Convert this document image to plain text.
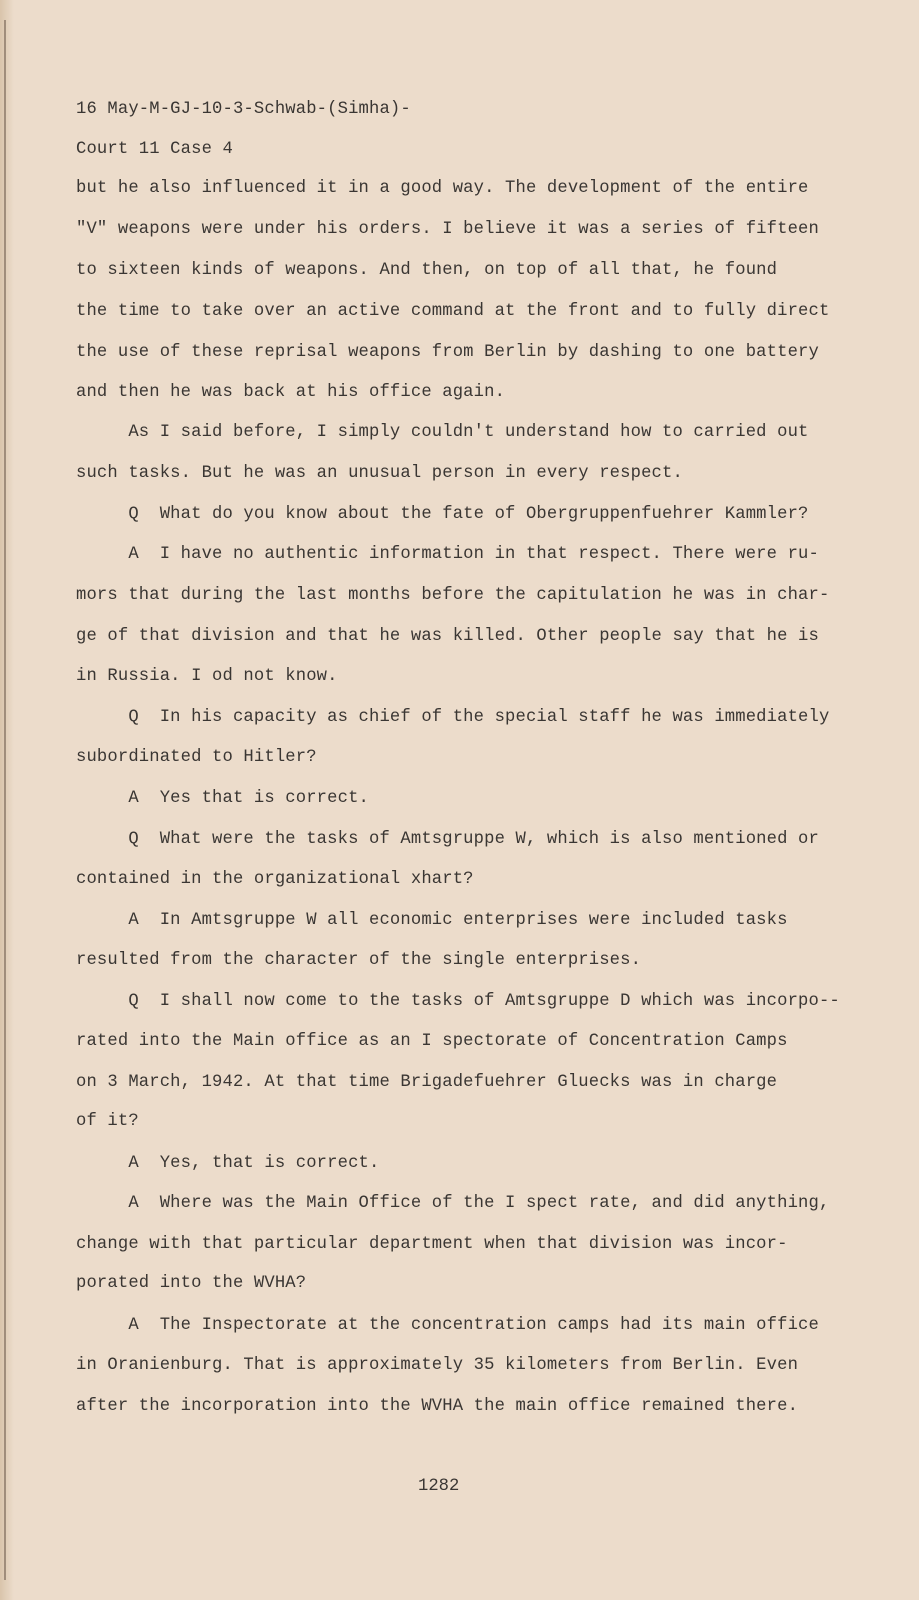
16 May-M-GJ-10-3-Schwab-(Simha)-
Court 11 Case 4
but he also influenced it in a good way. The development of the entire
"V" weapons were under his orders. I believe it was a series of fifteen
to sixteen kinds of weapons. And then, on top of all that, he found
the time to take over an active command at the front and to fully direct
the use of these reprisal weapons from Berlin by dashing to one battery
and then he was back at his office again.
As I said before, I simply couldn't understand how to carried out
such tasks. But he was an unusual person in every respect.
Q  What do you know about the fate of Obergruppenfuehrer Kammler?
A  I have no authentic information in that respect. There were ru-
mors that during the last months before the capitulation he was in char-
ge of that division and that he was killed. Other people say that he is
in Russia. I od not know.
Q  In his capacity as chief of the special staff he was immediately
subordinated to Hitler?
A  Yes that is correct.
Q  What were the tasks of Amtsgruppe W, which is also mentioned or
contained in the organizational xhart?
A  In Amtsgruppe W all economic enterprises were included tasks
resulted from the character of the single enterprises.
Q  I shall now come to the tasks of Amtsgruppe D which was incorpo--
rated into the Main office as an I spectorate of Concentration Camps
on 3 March, 1942. At that time Brigadefuehrer Gluecks was in charge
of it?
A  Yes, that is correct.
A  Where was the Main Office of the I spect rate, and did anything,
change with that particular department when that division was incor-
porated into the WVHA?
A  The Inspectorate at the concentration camps had its main office
in Oranienburg. That is approximately 35 kilometers from Berlin. Even
after the incorporation into the WVHA the main office remained there.
1282
